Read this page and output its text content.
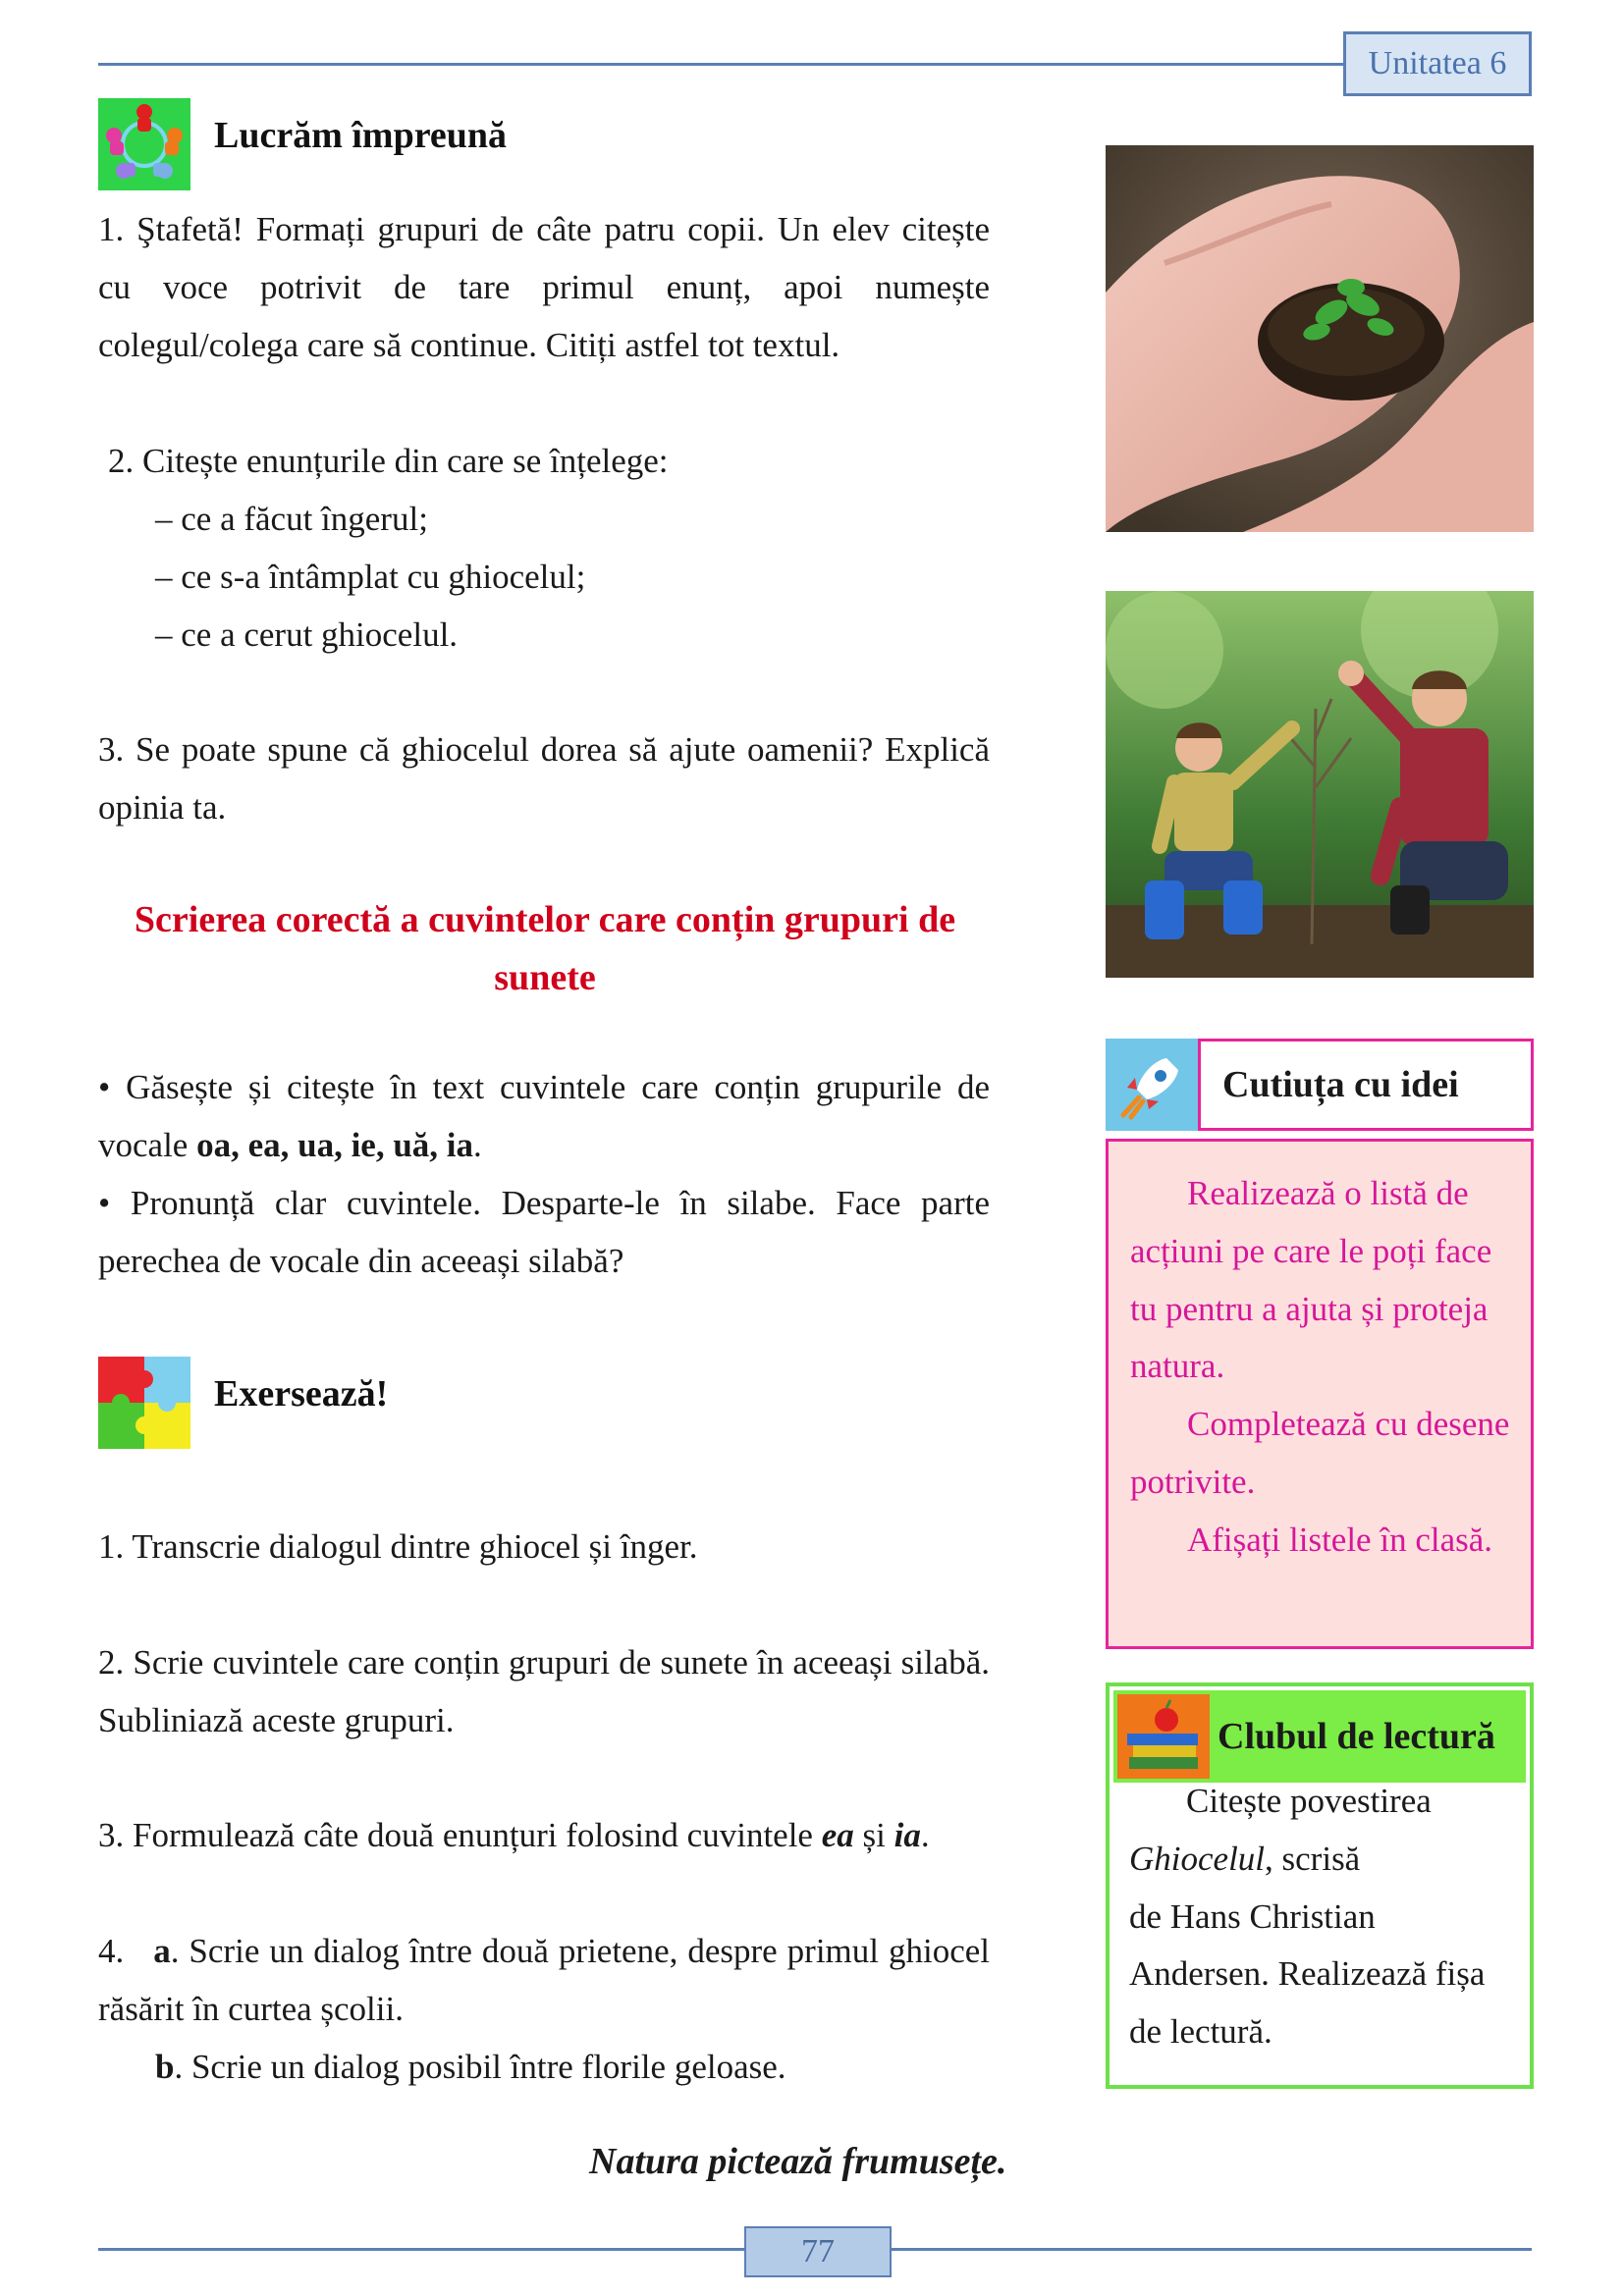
Unitatea 6
Lucrăm împreună
1. Ştafetă! Formați grupuri de câte patru copii. Un elev citește cu voce potrivit de tare primul enunț, apoi numește colegul/colega care să continue. Citiți astfel tot textul.
2. Citește enunțurile din care se înțelege:
– ce a făcut îngerul;
– ce s-a întâmplat cu ghiocelul;
– ce a cerut ghiocelul.
3. Se poate spune că ghiocelul dorea să ajute oamenii? Explică opinia ta.
Scrierea corectă a cuvintelor care conțin grupuri de sunete
• Găsește și citește în text cuvintele care conțin grupurile de vocale oa, ea, ua, ie, uă, ia.
• Pronunță clar cuvintele. Desparte-le în silabe. Face parte perechea de vocale din aceeași silabă?
Exersează!
1. Transcrie dialogul dintre ghiocel și înger.
2. Scrie cuvintele care conțin grupuri de sunete în aceeași silabă. Subliniază aceste grupuri.
3. Formulează câte două enunțuri folosind cuvintele ea și ia.
4. a. Scrie un dialog între două prietene, despre primul ghiocel răsărit în curtea școlii.
b. Scrie un dialog posibil între florile geloase.
Natura pictează frumusețe.
Cutiuța cu idei

Realizează o listă de acțiuni pe care le poți face tu pentru a ajuta și proteja natura.

Completează cu desene potrivite.

Afișați listele în clasă.

Clubul de lectură

Citește povestirea

Ghiocelul, scrisă

de Hans Christian Andersen. Realizează fișa de lectură.

77
